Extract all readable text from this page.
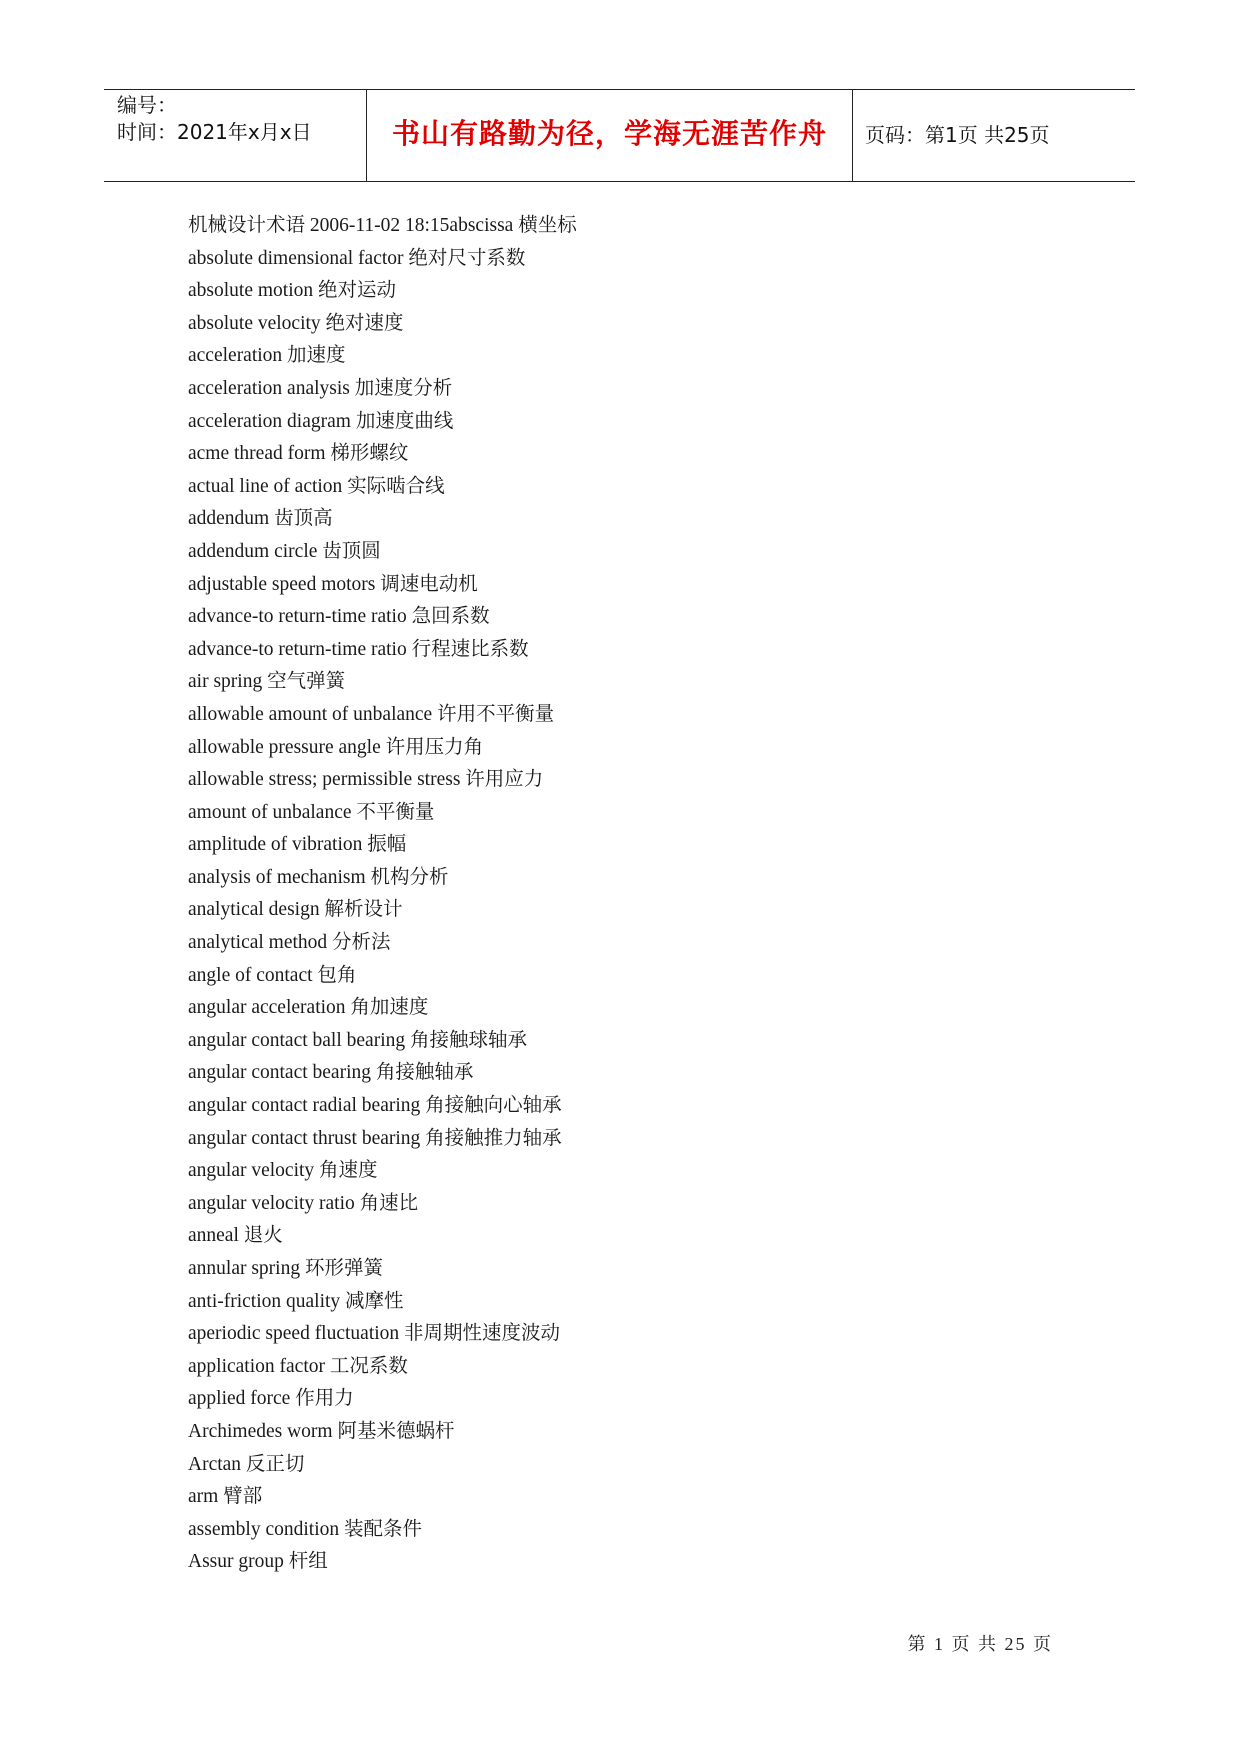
编号：
时间：2021年x月x日	书山有路勤为径，学海无涯苦作舟	页码：第1页 共25页
机械设计术语 2006-11-02 18:15abscissa 横坐标
absolute dimensional factor 绝对尺寸系数
absolute motion 绝对运动
absolute velocity 绝对速度
acceleration 加速度
acceleration analysis 加速度分析
acceleration diagram 加速度曲线
acme thread form 梯形螺纹
actual line of action 实际啮合线
addendum 齿顶高
addendum circle 齿顶圆
adjustable speed motors 调速电动机
advance-to return-time ratio 急回系数
advance-to return-time ratio 行程速比系数
air spring 空气弹簧
allowable amount of unbalance 许用不平衡量
allowable pressure angle 许用压力角
allowable stress; permissible stress 许用应力
amount of unbalance 不平衡量
amplitude of vibration 振幅
analysis of mechanism 机构分析
analytical design 解析设计
analytical method 分析法
angle of contact 包角
angular acceleration 角加速度
angular contact ball bearing 角接触球轴承
angular contact bearing 角接触轴承
angular contact radial bearing 角接触向心轴承
angular contact thrust bearing 角接触推力轴承
angular velocity 角速度
angular velocity ratio 角速比
anneal 退火
annular spring 环形弹簧
anti-friction quality 减摩性
aperiodic speed fluctuation 非周期性速度波动
application factor 工况系数
applied force 作用力
Archimedes worm 阿基米德蜗杆
Arctan 反正切
arm 臂部
assembly condition 装配条件
Assur group 杆组
第 1 页 共 25 页
